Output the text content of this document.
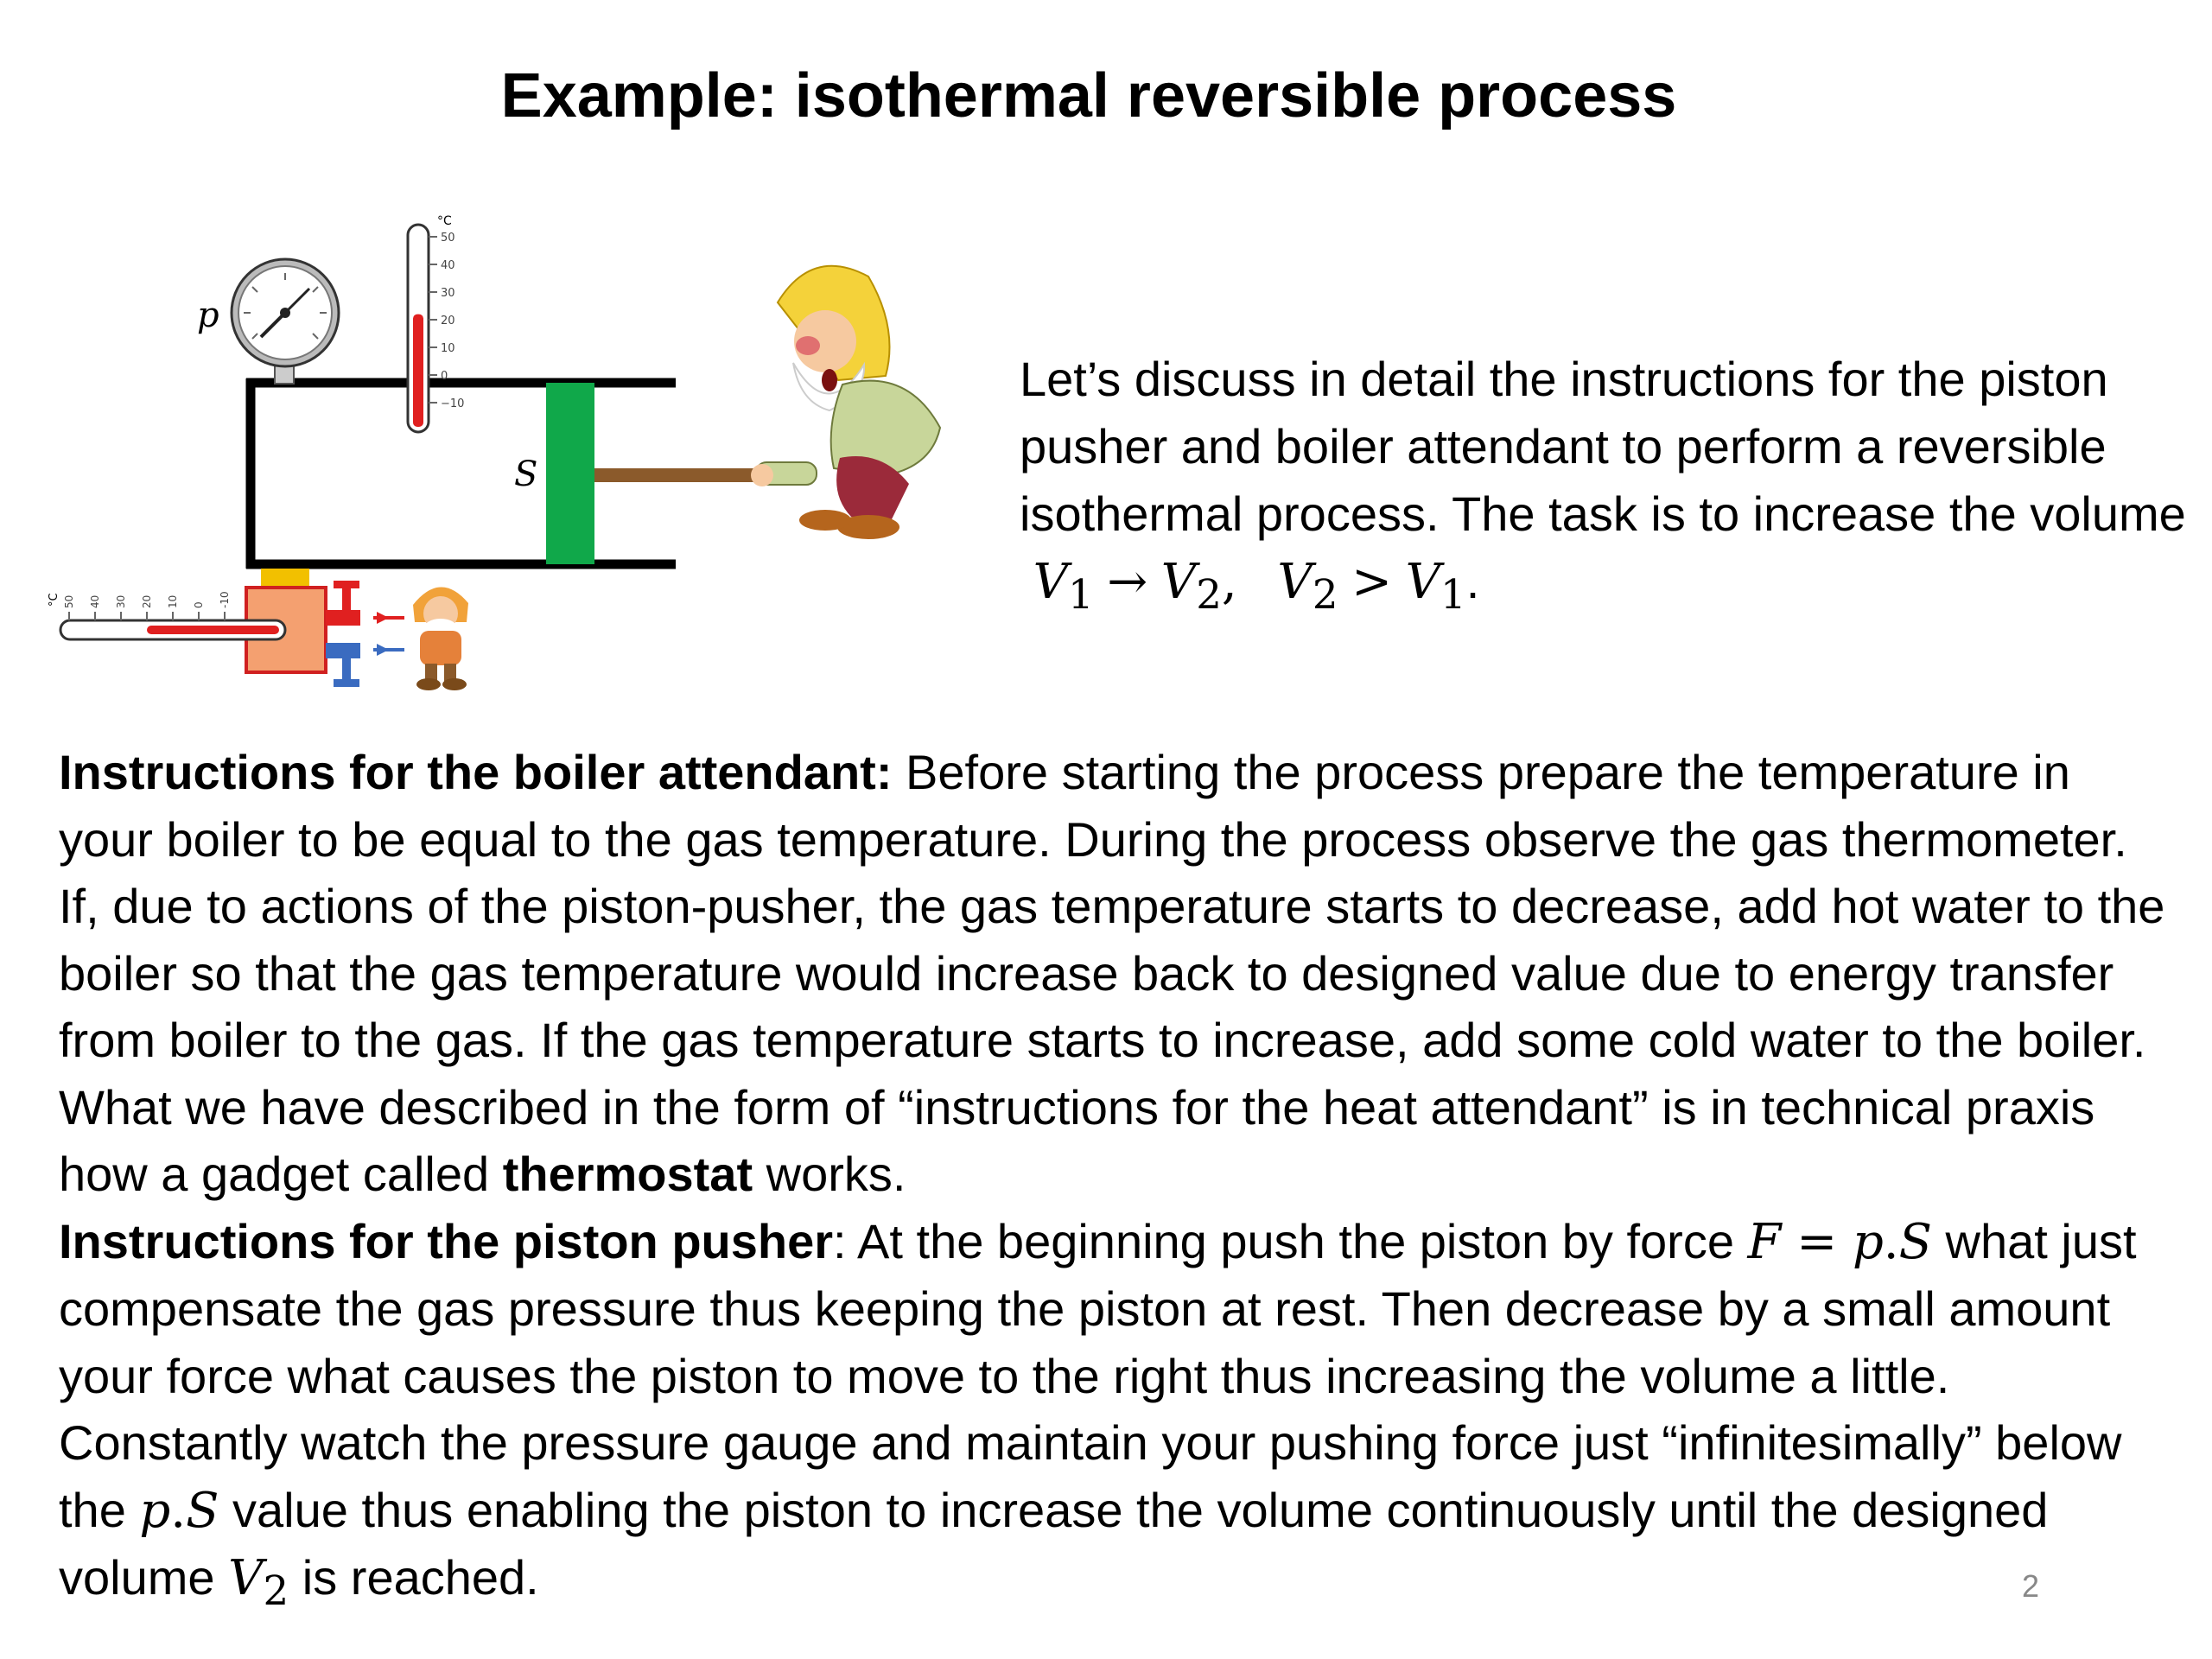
Example: isothermal reversible process
S
p
°C
50
40
30
20
10
0
−10
°C 50 40 30 20 10 0 -10
Let’s discuss in detail the instructions for the piston pusher and boiler attendant to perform a reversible isothermal process. The task is to increase the volume  $V_1 \to V_2$, $V_2 > V_1$.

Instructions for the boiler attendant: Before starting the process prepare the temperature in your boiler to be equal to the gas temperature. During the process observe the gas thermometer. If, due to actions of the piston-pusher, the gas temperature starts to decrease, add hot water to the boiler so that the gas temperature would increase back to designed value due to energy transfer from boiler to the gas. If the gas temperature starts to increase, add some cold water to the boiler. What we have described in the form of “instructions for the heat attendant” is in technical praxis how a gadget called thermostat works.

Instructions for the piston pusher: At the beginning push the piston by force F = p.S what just compensate the gas pressure thus keeping the piston at rest. Then decrease by a small amount your force what causes the piston to move to the right thus increasing the volume a little. Constantly watch the pressure gauge and maintain your pushing force just “infinitesimally” below the p.S value thus enabling the piston to increase the volume continuously until the designed volume $V_2$ is reached.	2
